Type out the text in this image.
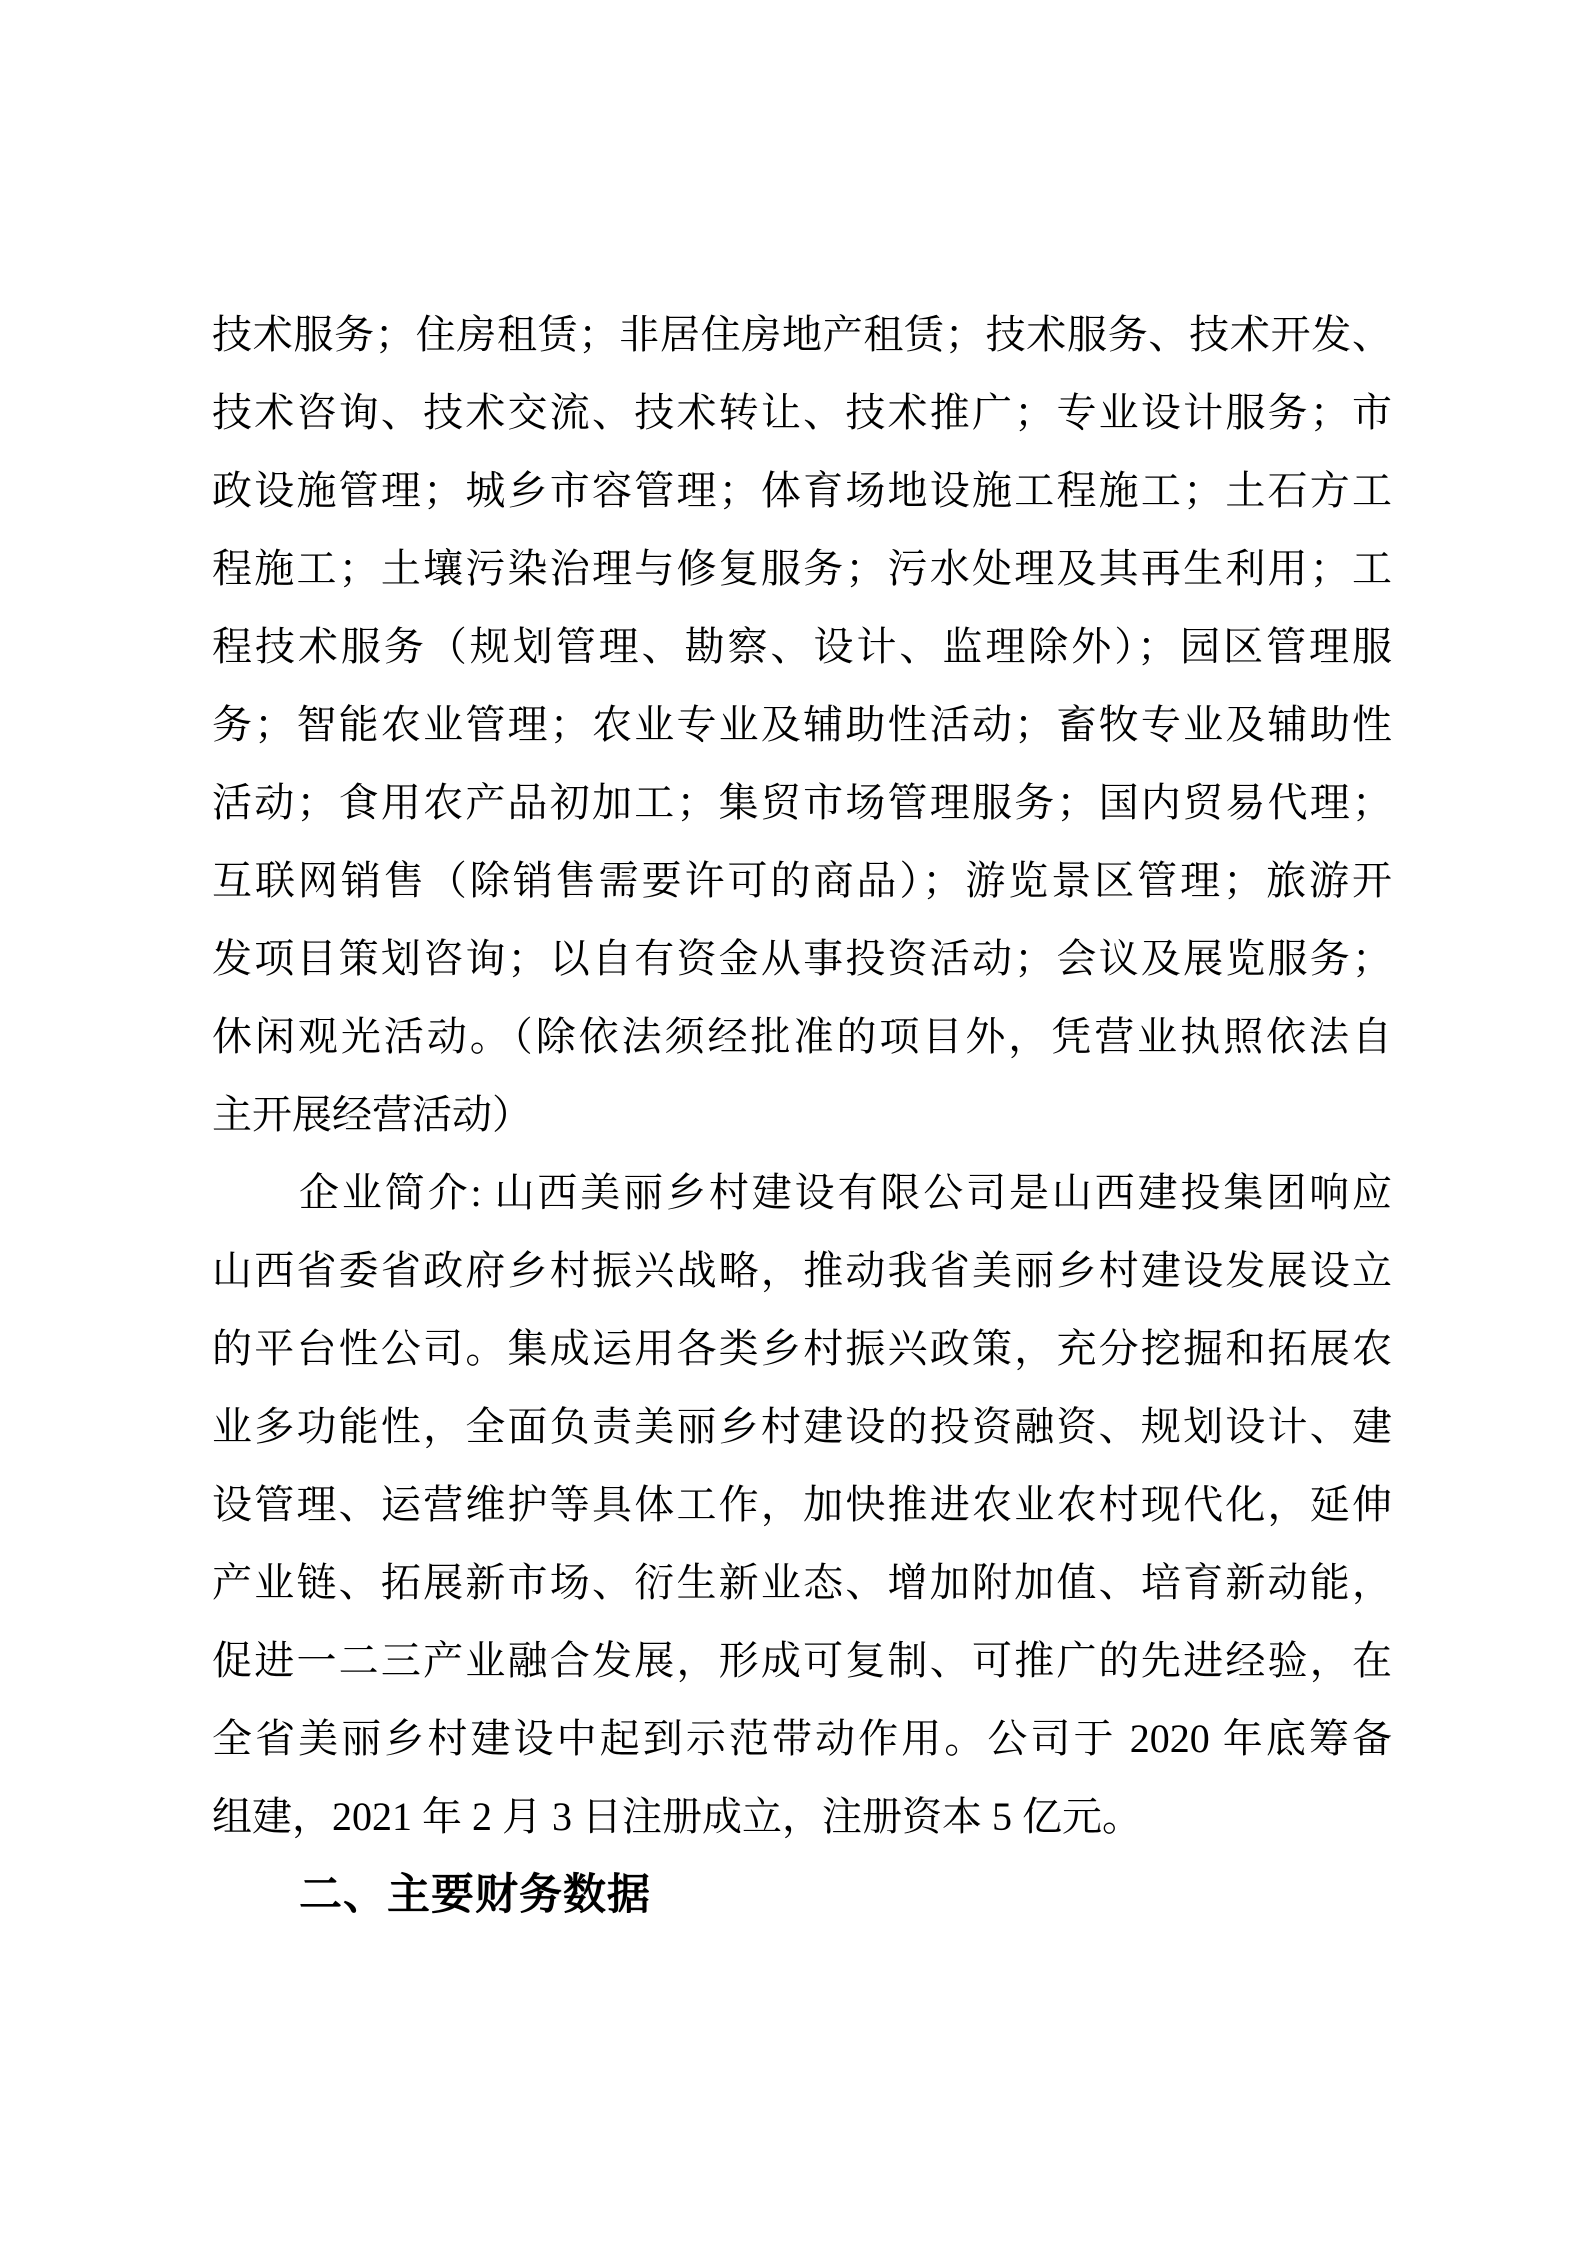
技术服务；住房租赁；非居住房地产租赁；技术服务、技术开发、
技术咨询、技术交流、技术转让、技术推广；专业设计服务；市
政设施管理；城乡市容管理；体育场地设施工程施工；土石方工
程施工；土壤污染治理与修复服务；污水处理及其再生利用；工
程技术服务（规划管理、勘察、设计、监理除外）；园区管理服
务；智能农业管理；农业专业及辅助性活动；畜牧专业及辅助性
活动；食用农产品初加工；集贸市场管理服务；国内贸易代理；
互联网销售（除销售需要许可的商品）；游览景区管理；旅游开
发项目策划咨询；以自有资金从事投资活动；会议及展览服务；
休闲观光活动。（除依法须经批准的项目外，凭营业执照依法自
主开展经营活动）
企业简介: 山西美丽乡村建设有限公司是山西建投集团响应
山西省委省政府乡村振兴战略，推动我省美丽乡村建设发展设立
的平台性公司。集成运用各类乡村振兴政策，充分挖掘和拓展农
业多功能性，全面负责美丽乡村建设的投资融资、规划设计、建
设管理、运营维护等具体工作，加快推进农业农村现代化，延伸
产业链、拓展新市场、衍生新业态、增加附加值、培育新动能，
促进一二三产业融合发展，形成可复制、可推广的先进经验，在
全省美丽乡村建设中起到示范带动作用。公司于 2020 年底筹备
组建，2021 年 2 月 3 日注册成立，注册资本 5 亿元。
二、主要财务数据
